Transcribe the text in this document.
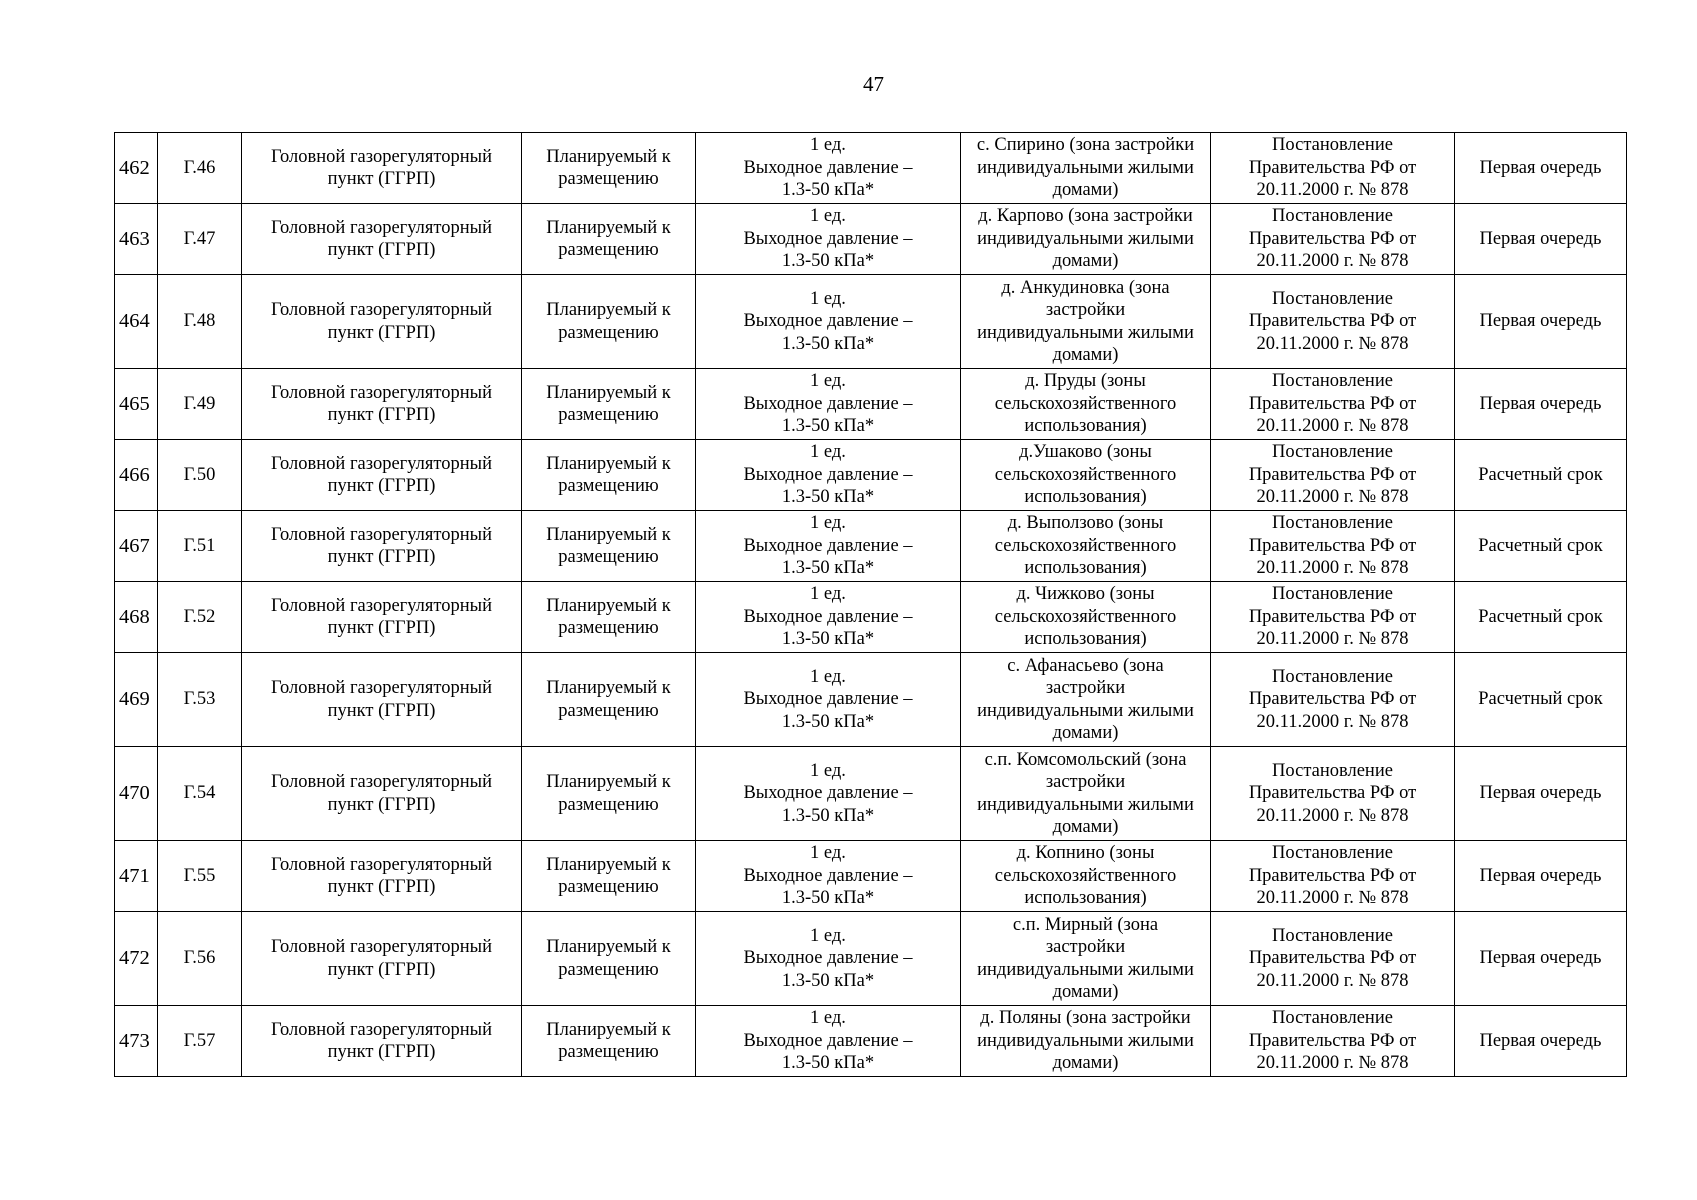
47
462	Г.46	Головной газорегуляторный
пункт (ГГРП)	Планируемый к
размещению	1 ед.
Выходное давление –
1.3-50 кПа*	с. Спирино (зона застройки
индивидуальными жилыми
домами)	Постановление
Правительства РФ от
20.11.2000 г. № 878	Первая очередь
463	Г.47	Головной газорегуляторный
пункт (ГГРП)	Планируемый к
размещению	1 ед.
Выходное давление –
1.3-50 кПа*	д. Карпово (зона застройки
индивидуальными жилыми
домами)	Постановление
Правительства РФ от
20.11.2000 г. № 878	Первая очередь
464	Г.48	Головной газорегуляторный
пункт (ГГРП)	Планируемый к
размещению	1 ед.
Выходное давление –
1.3-50 кПа*	д. Анкудиновка (зона
застройки
индивидуальными жилыми
домами)	Постановление
Правительства РФ от
20.11.2000 г. № 878	Первая очередь
465	Г.49	Головной газорегуляторный
пункт (ГГРП)	Планируемый к
размещению	1 ед.
Выходное давление –
1.3-50 кПа*	д. Пруды (зоны
сельскохозяйственного
использования)	Постановление
Правительства РФ от
20.11.2000 г. № 878	Первая очередь
466	Г.50	Головной газорегуляторный
пункт (ГГРП)	Планируемый к
размещению	1 ед.
Выходное давление –
1.3-50 кПа*	д.Ушаково (зоны
сельскохозяйственного
использования)	Постановление
Правительства РФ от
20.11.2000 г. № 878	Расчетный срок
467	Г.51	Головной газорегуляторный
пункт (ГГРП)	Планируемый к
размещению	1 ед.
Выходное давление –
1.3-50 кПа*	д. Выползово (зоны
сельскохозяйственного
использования)	Постановление
Правительства РФ от
20.11.2000 г. № 878	Расчетный срок
468	Г.52	Головной газорегуляторный
пункт (ГГРП)	Планируемый к
размещению	1 ед.
Выходное давление –
1.3-50 кПа*	д. Чижково (зоны
сельскохозяйственного
использования)	Постановление
Правительства РФ от
20.11.2000 г. № 878	Расчетный срок
469	Г.53	Головной газорегуляторный
пункт (ГГРП)	Планируемый к
размещению	1 ед.
Выходное давление –
1.3-50 кПа*	с. Афанасьево (зона
застройки
индивидуальными жилыми
домами)	Постановление
Правительства РФ от
20.11.2000 г. № 878	Расчетный срок
470	Г.54	Головной газорегуляторный
пункт (ГГРП)	Планируемый к
размещению	1 ед.
Выходное давление –
1.3-50 кПа*	с.п. Комсомольский (зона
застройки
индивидуальными жилыми
домами)	Постановление
Правительства РФ от
20.11.2000 г. № 878	Первая очередь
471	Г.55	Головной газорегуляторный
пункт (ГГРП)	Планируемый к
размещению	1 ед.
Выходное давление –
1.3-50 кПа*	д. Копнино (зоны
сельскохозяйственного
использования)	Постановление
Правительства РФ от
20.11.2000 г. № 878	Первая очередь
472	Г.56	Головной газорегуляторный
пункт (ГГРП)	Планируемый к
размещению	1 ед.
Выходное давление –
1.3-50 кПа*	с.п. Мирный (зона
застройки
индивидуальными жилыми
домами)	Постановление
Правительства РФ от
20.11.2000 г. № 878	Первая очередь
473	Г.57	Головной газорегуляторный
пункт (ГГРП)	Планируемый к
размещению	1 ед.
Выходное давление –
1.3-50 кПа*	д. Поляны (зона застройки
индивидуальными жилыми
домами)	Постановление
Правительства РФ от
20.11.2000 г. № 878	Первая очередь
